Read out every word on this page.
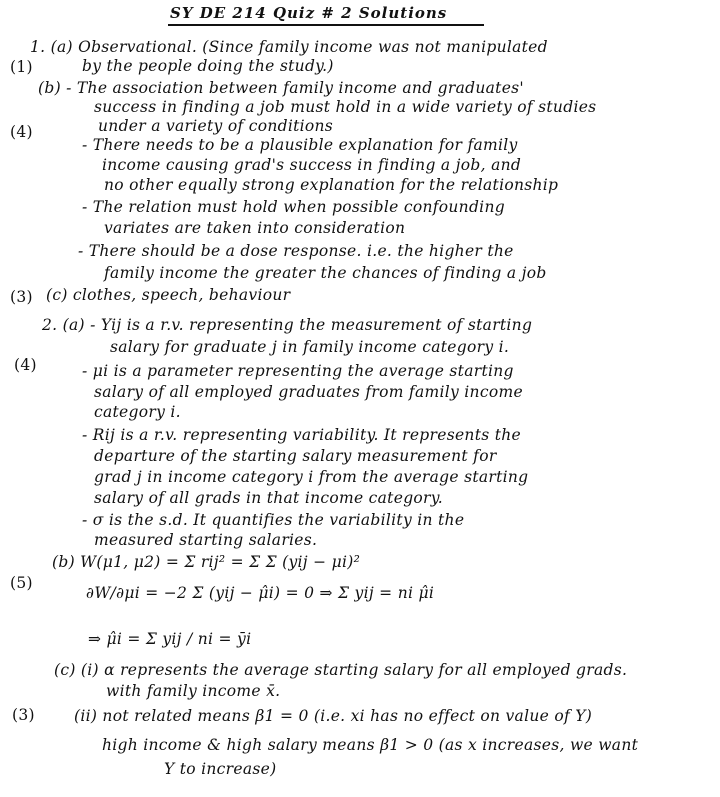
SY DE 214 Quiz # 2 Solutions
(1)
(4)
(3)
(4)
(5)
(3)
1. (a) Observational. (Since family income was not manipulated
by the people doing the study.)
(b) - The association between family income and graduates'
success in finding a job must hold in a wide variety of studies
under a variety of conditions
- There needs to be a plausible explanation for family
income causing grad's success in finding a job, and
no other equally strong explanation for the relationship
- The relation must hold when possible confounding
variates are taken into consideration
- There should be a dose response. i.e. the higher the
family income the greater the chances of finding a job
(c) clothes, speech, behaviour
2. (a) - Yij is a r.v. representing the measurement of starting
salary for graduate j in family income category i.
- μi is a parameter representing the average starting
salary of all employed graduates from family income
category i.
- Rij is a r.v. representing variability. It represents the
departure of the starting salary measurement for
grad j in income category i from the average starting
salary of all grads in that income category.
- σ is the s.d. It quantifies the variability in the
measured starting salaries.
(b) W(μ1, μ2) = Σ rij² = Σ Σ (yij − μi)²
∂W/∂μi = −2 Σ (yij − μ̂i) = 0 ⇒ Σ yij = ni μ̂i
⇒ μ̂i = Σ yij / ni = ȳi
(c) (i) α represents the average starting salary for all employed grads.
with family income x̄.
(ii) not related means β1 = 0 (i.e. xi has no effect on value of Y)
high income & high salary means β1 > 0 (as x increases, we want
Y to increase)
